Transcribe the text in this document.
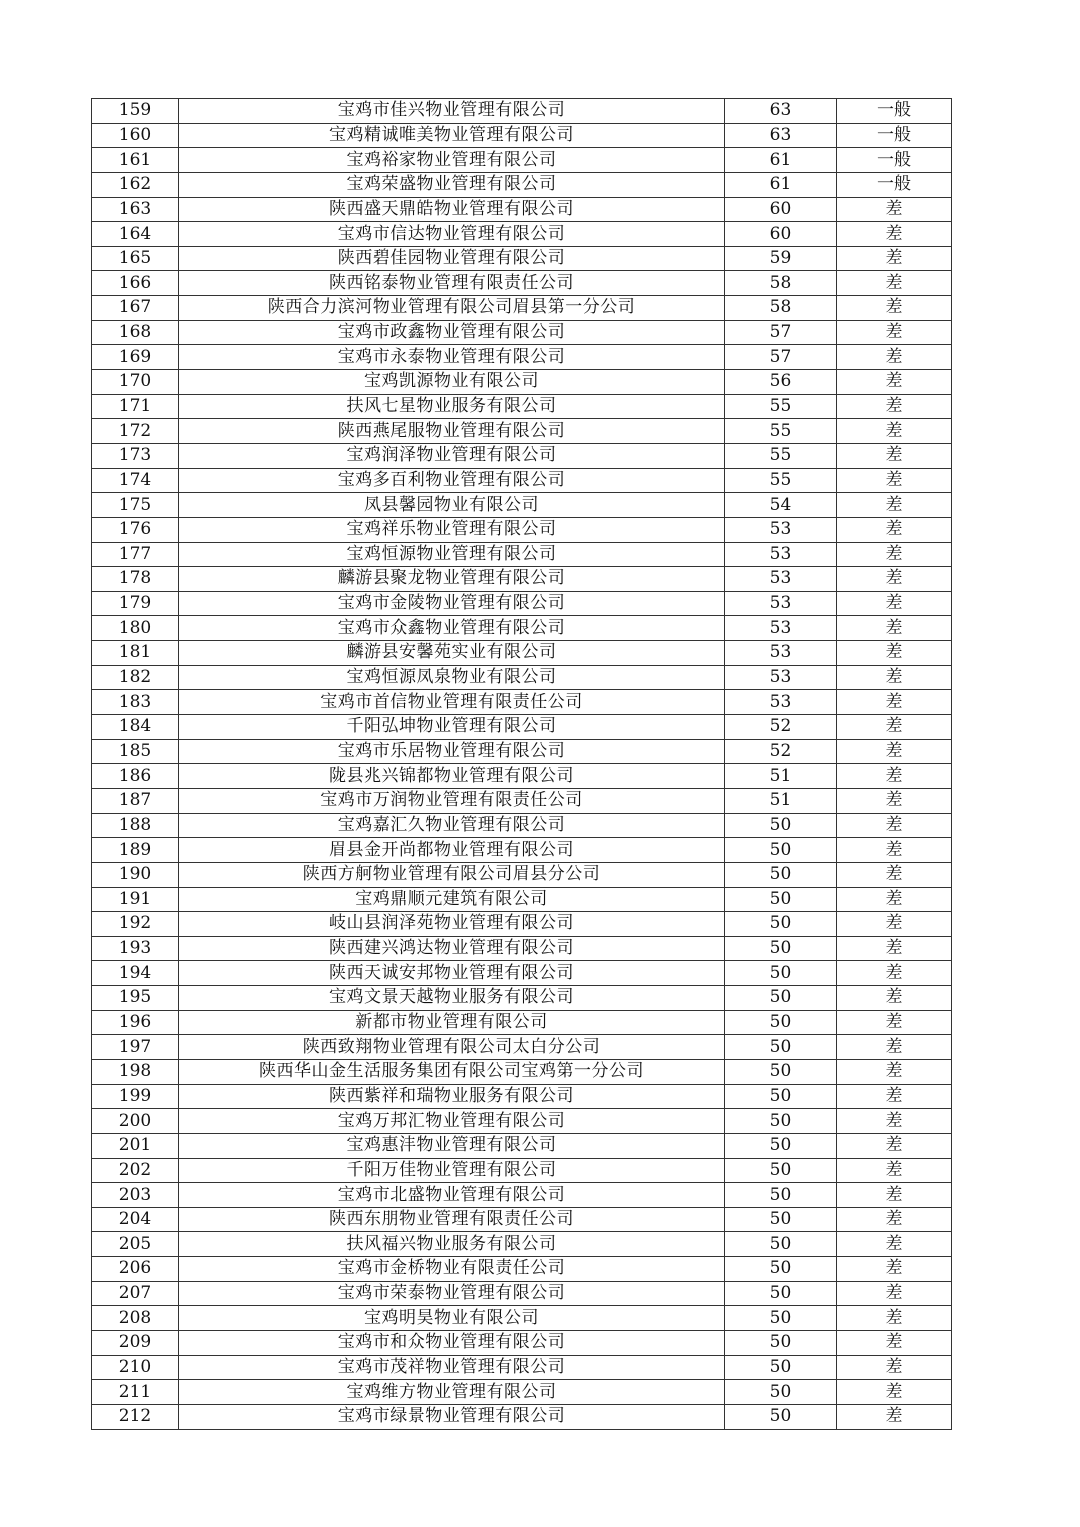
159	宝鸡市佳兴物业管理有限公司	63	一般
160	宝鸡精诚唯美物业管理有限公司	63	一般
161	宝鸡裕家物业管理有限公司	61	一般
162	宝鸡荣盛物业管理有限公司	61	一般
163	陕西盛天鼎皓物业管理有限公司	60	差
164	宝鸡市信达物业管理有限公司	60	差
165	陕西碧佳园物业管理有限公司	59	差
166	陕西铭泰物业管理有限责任公司	58	差
167	陕西合力滨河物业管理有限公司眉县第一分公司	58	差
168	宝鸡市政鑫物业管理有限公司	57	差
169	宝鸡市永泰物业管理有限公司	57	差
170	宝鸡凯源物业有限公司	56	差
171	扶风七星物业服务有限公司	55	差
172	陕西燕尾服物业管理有限公司	55	差
173	宝鸡润泽物业管理有限公司	55	差
174	宝鸡多百利物业管理有限公司	55	差
175	凤县馨园物业有限公司	54	差
176	宝鸡祥乐物业管理有限公司	53	差
177	宝鸡恒源物业管理有限公司	53	差
178	麟游县聚龙物业管理有限公司	53	差
179	宝鸡市金陵物业管理有限公司	53	差
180	宝鸡市众鑫物业管理有限公司	53	差
181	麟游县安馨苑实业有限公司	53	差
182	宝鸡恒源凤泉物业有限公司	53	差
183	宝鸡市首信物业管理有限责任公司	53	差
184	千阳弘坤物业管理有限公司	52	差
185	宝鸡市乐居物业管理有限公司	52	差
186	陇县兆兴锦都物业管理有限公司	51	差
187	宝鸡市万润物业管理有限责任公司	51	差
188	宝鸡嘉汇久物业管理有限公司	50	差
189	眉县金开尚都物业管理有限公司	50	差
190	陕西方舸物业管理有限公司眉县分公司	50	差
191	宝鸡鼎顺元建筑有限公司	50	差
192	岐山县润泽苑物业管理有限公司	50	差
193	陕西建兴鸿达物业管理有限公司	50	差
194	陕西天诚安邦物业管理有限公司	50	差
195	宝鸡文景天越物业服务有限公司	50	差
196	新都市物业管理有限公司	50	差
197	陕西致翔物业管理有限公司太白分公司	50	差
198	陕西华山金生活服务集团有限公司宝鸡第一分公司	50	差
199	陕西紫祥和瑞物业服务有限公司	50	差
200	宝鸡万邦汇物业管理有限公司	50	差
201	宝鸡惠沣物业管理有限公司	50	差
202	千阳万佳物业管理有限公司	50	差
203	宝鸡市北盛物业管理有限公司	50	差
204	陕西东朋物业管理有限责任公司	50	差
205	扶风福兴物业服务有限公司	50	差
206	宝鸡市金桥物业有限责任公司	50	差
207	宝鸡市荣泰物业管理有限公司	50	差
208	宝鸡明昊物业有限公司	50	差
209	宝鸡市和众物业管理有限公司	50	差
210	宝鸡市茂祥物业管理有限公司	50	差
211	宝鸡维方物业管理有限公司	50	差
212	宝鸡市绿景物业管理有限公司	50	差
